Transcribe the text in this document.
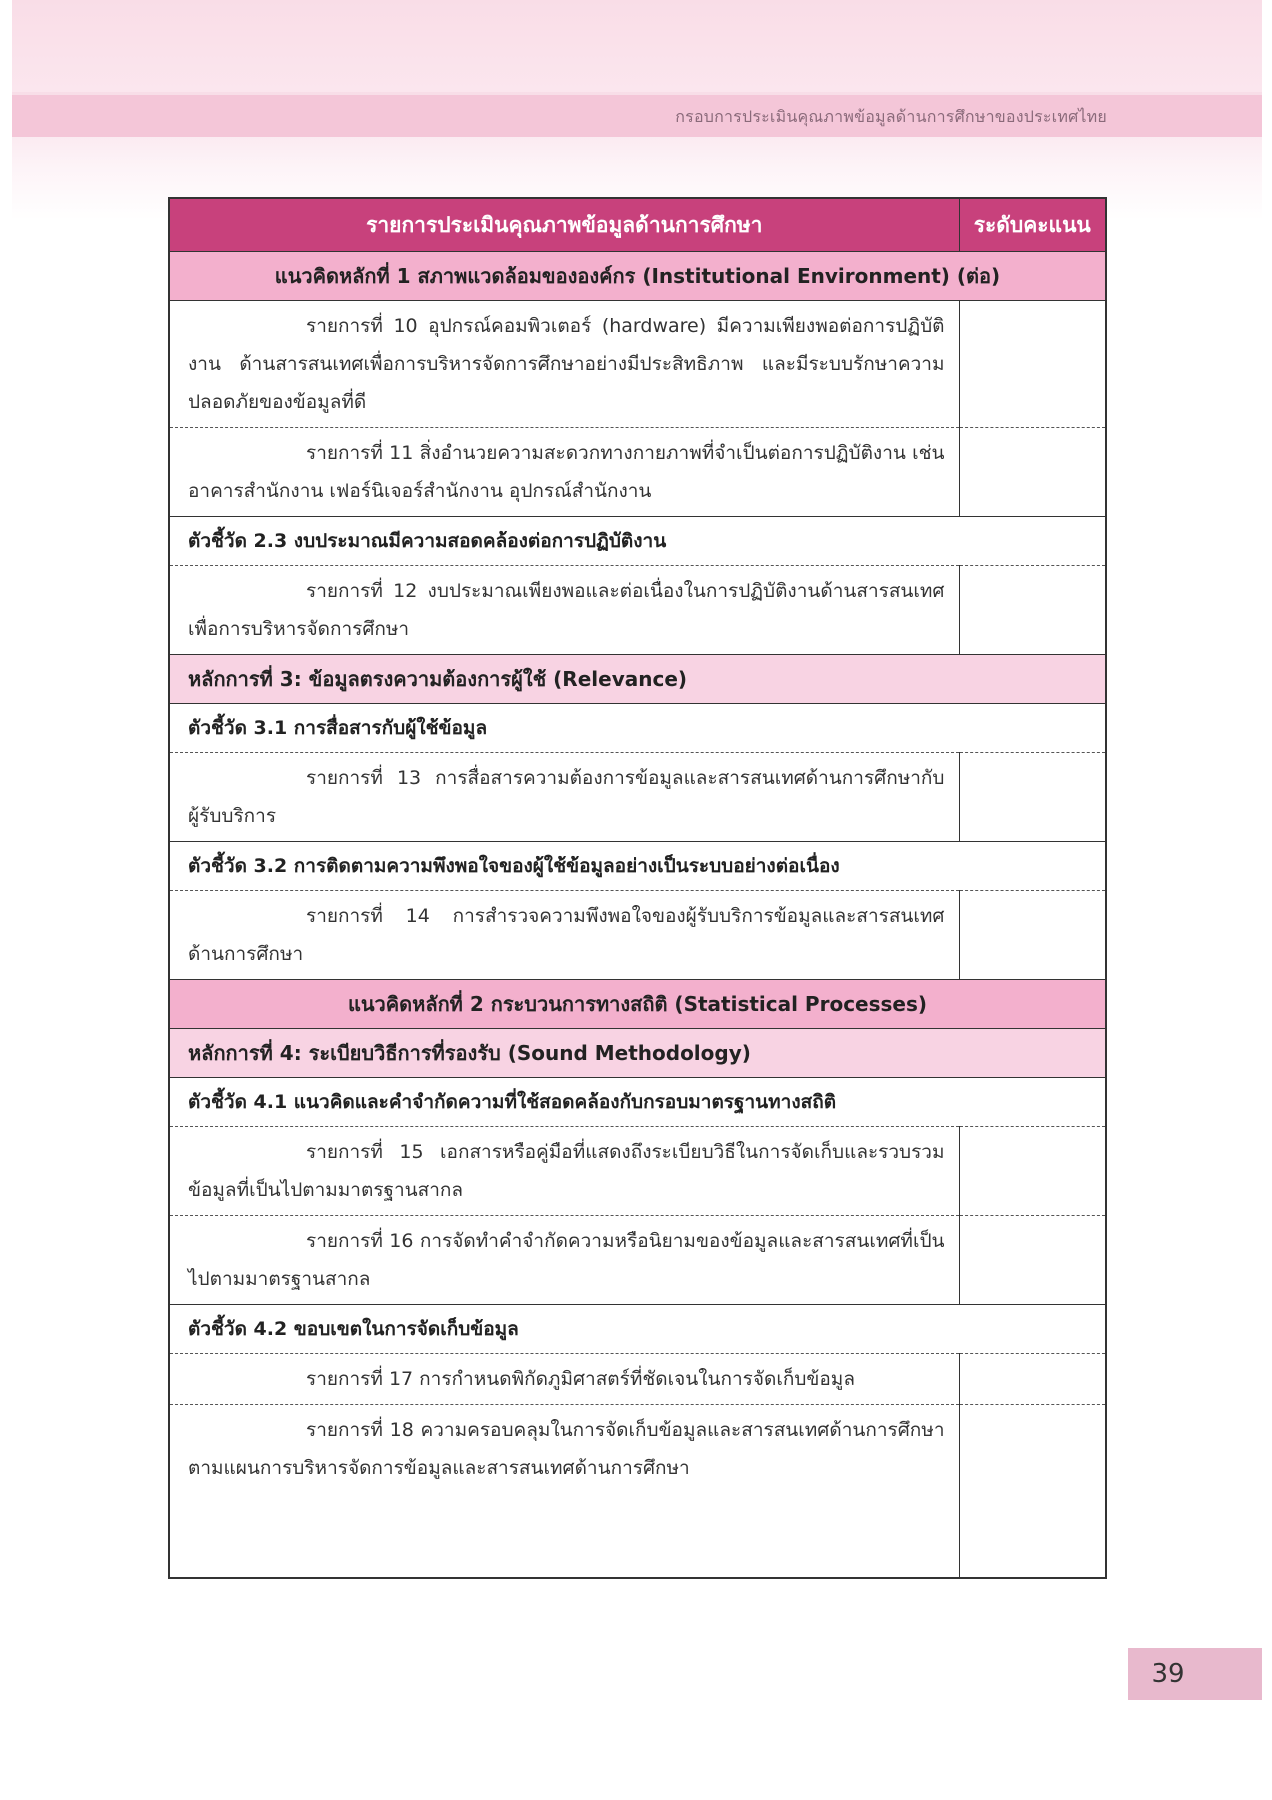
กรอบการประเมินคุณภาพข้อมูลด้านการศึกษาของประเทศไทย
รายการประเมินคุณภาพข้อมูลด้านการศึกษา	ระดับคะแนน
แนวคิดหลักที่ 1 สภาพแวดล้อมขององค์กร (Institutional Environment) (ต่อ)	
รายการที่ 10 อุปกรณ์คอมพิวเตอร์ (hardware) มีความเพียงพอต่อการปฏิบัติงาน ด้านสารสนเทศเพื่อการบริหารจัดการศึกษาอย่างมีประสิทธิภาพ และมีระบบรักษาความปลอดภัยของข้อมูลที่ดี	
รายการที่ 11 สิ่งอำนวยความสะดวกทางกายภาพที่จำเป็นต่อการปฏิบัติงาน เช่น อาคารสำนักงาน เฟอร์นิเจอร์สำนักงาน อุปกรณ์สำนักงาน	
ตัวชี้วัด 2.3 งบประมาณมีความสอดคล้องต่อการปฏิบัติงาน	
รายการที่ 12 งบประมาณเพียงพอและต่อเนื่องในการปฏิบัติงานด้านสารสนเทศเพื่อการบริหารจัดการศึกษา	
หลักการที่ 3: ข้อมูลตรงความต้องการผู้ใช้ (Relevance)	
ตัวชี้วัด 3.1 การสื่อสารกับผู้ใช้ข้อมูล	
รายการที่ 13 การสื่อสารความต้องการข้อมูลและสารสนเทศด้านการศึกษากับผู้รับบริการ	
ตัวชี้วัด 3.2 การติดตามความพึงพอใจของผู้ใช้ข้อมูลอย่างเป็นระบบอย่างต่อเนื่อง	
รายการที่ 14 การสำรวจความพึงพอใจของผู้รับบริการข้อมูลและสารสนเทศด้านการศึกษา	
แนวคิดหลักที่ 2 กระบวนการทางสถิติ (Statistical Processes)	
หลักการที่ 4: ระเบียบวิธีการที่รองรับ (Sound Methodology)	
ตัวชี้วัด 4.1 แนวคิดและคำจำกัดความที่ใช้สอดคล้องกับกรอบมาตรฐานทางสถิติ	
รายการที่ 15 เอกสารหรือคู่มือที่แสดงถึงระเบียบวิธีในการจัดเก็บและรวบรวมข้อมูลที่เป็นไปตามมาตรฐานสากล	
รายการที่ 16 การจัดทำคำจำกัดความหรือนิยามของข้อมูลและสารสนเทศที่เป็นไปตามมาตรฐานสากล	
ตัวชี้วัด 4.2 ขอบเขตในการจัดเก็บข้อมูล	
รายการที่ 17 การกำหนดพิกัดภูมิศาสตร์ที่ชัดเจนในการจัดเก็บข้อมูล	
รายการที่ 18 ความครอบคลุมในการจัดเก็บข้อมูลและสารสนเทศด้านการศึกษา ตามแผนการบริหารจัดการข้อมูลและสารสนเทศด้านการศึกษา	
39
